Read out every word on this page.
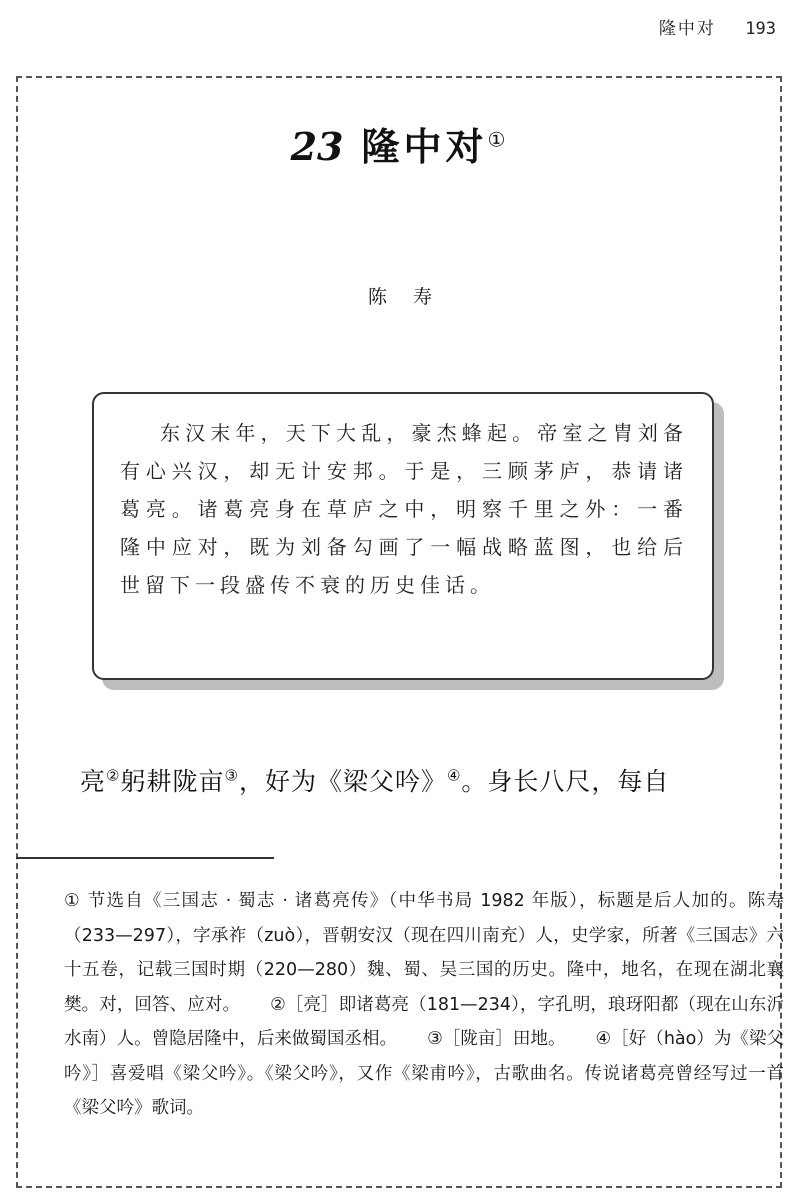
隆中对 193
23 隆中对①
陈寿

东汉末年，天下大乱，豪杰蜂起。帝室之胄刘备有心兴汉，却无计安邦。于是，三顾茅庐，恭请诸葛亮。诸葛亮身在草庐之中，明察千里之外：一番隆中应对，既为刘备勾画了一幅战略蓝图，也给后世留下一段盛传不衰的历史佳话。

亮②躬耕陇亩③，好为《梁父吟》④。身长八尺，每自
① 节选自《三国志 · 蜀志 · 诸葛亮传》（中华书局 1982 年版），标题是后人加的。陈寿（233—297），字承祚（zuò），晋朝安汉（现在四川南充）人，史学家，所著《三国志》六十五卷，记载三国时期（220—280）魏、蜀、吴三国的历史。隆中，地名，在现在湖北襄樊。对，回答、应对。 ②［亮］即诸葛亮（181—234），字孔明，琅玡阳都（现在山东沂水南）人。曾隐居隆中，后来做蜀国丞相。 ③［陇亩］田地。 ④［好（hào）为《梁父吟》］喜爱唱《梁父吟》。《梁父吟》，又作《梁甫吟》，古歌曲名。传说诸葛亮曾经写过一首《梁父吟》歌词。
